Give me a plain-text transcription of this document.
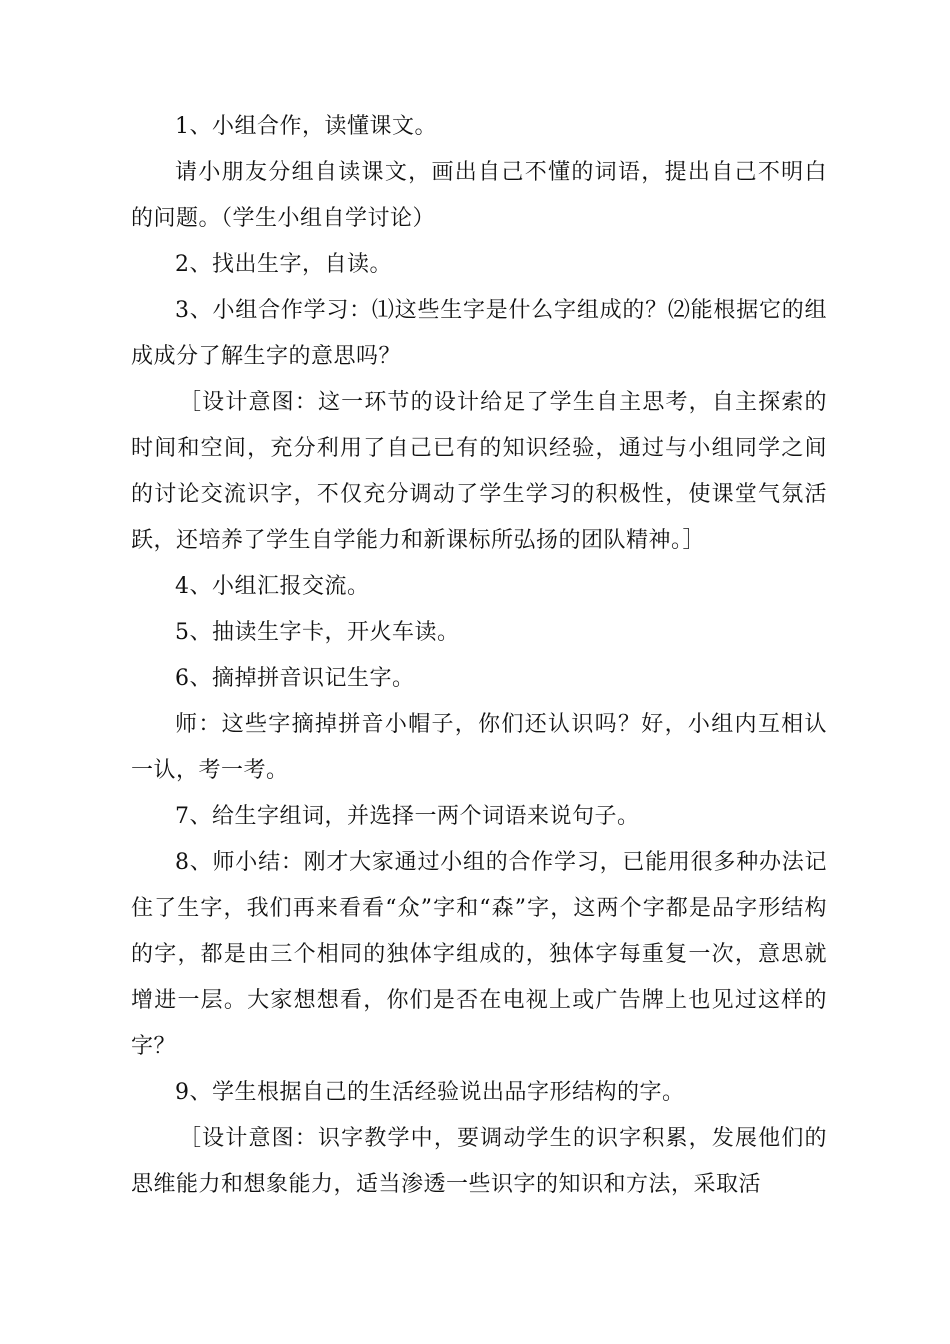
1、小组合作，读懂课文。

请小朋友分组自读课文，画出自己不懂的词语，提出自己不明白的问题。（学生小组自学讨论）

2、找出生字，自读。

3、小组合作学习：⑴这些生字是什么字组成的？⑵能根据它的组成成分了解生字的意思吗？

［设计意图：这一环节的设计给足了学生自主思考，自主探索的时间和空间，充分利用了自己已有的知识经验，通过与小组同学之间的讨论交流识字，不仅充分调动了学生学习的积极性，使课堂气氛活跃，还培养了学生自学能力和新课标所弘扬的团队精神。］

4、小组汇报交流。

5、抽读生字卡，开火车读。

6、摘掉拼音识记生字。

师：这些字摘掉拼音小帽子，你们还认识吗？好，小组内互相认一认，考一考。

7、给生字组词，并选择一两个词语来说句子。

8、师小结：刚才大家通过小组的合作学习，已能用很多种办法记住了生字，我们再来看看“众”字和“森”字，这两个字都是品字形结构的字，都是由三个相同的独体字组成的，独体字每重复一次，意思就增进一层。大家想想看，你们是否在电视上或广告牌上也见过这样的字？

9、学生根据自己的生活经验说出品字形结构的字。

［设计意图：识字教学中，要调动学生的识字积累，发展他们的思维能力和想象能力，适当渗透一些识字的知识和方法，采取活
